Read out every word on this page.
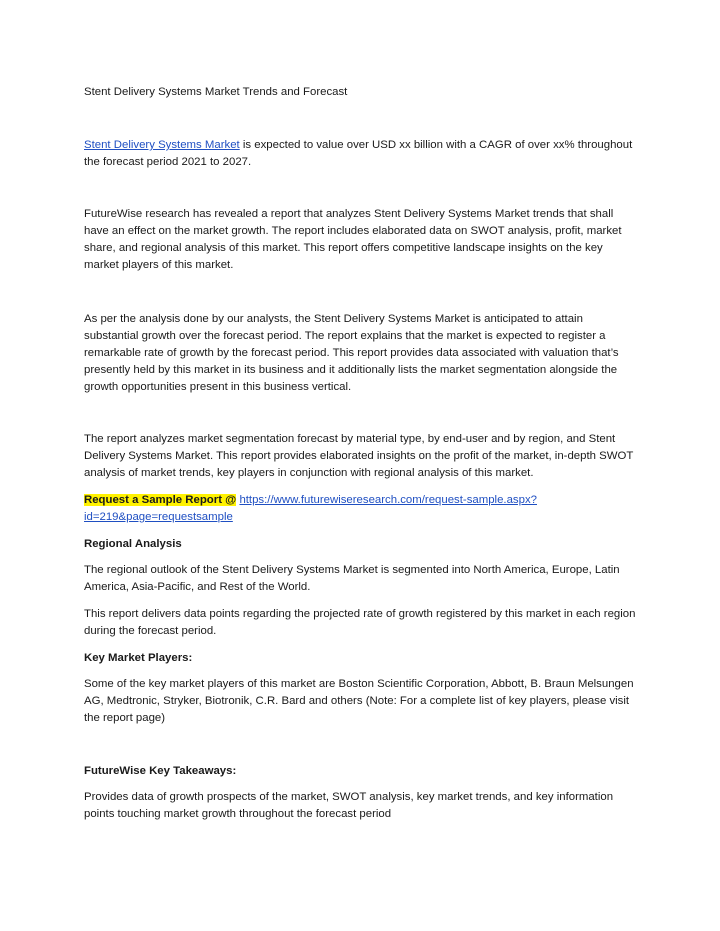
Stent Delivery Systems Market Trends and Forecast

Stent Delivery Systems Market is expected to value over USD xx billion with a CAGR of over xx% throughout the forecast period 2021 to 2027.

FutureWise research has revealed a report that analyzes Stent Delivery Systems Market trends that shall have an effect on the market growth. The report includes elaborated data on SWOT analysis, profit, market share, and regional analysis of this market. This report offers competitive landscape insights on the key market players of this market.

As per the analysis done by our analysts, the Stent Delivery Systems Market is anticipated to attain substantial growth over the forecast period. The report explains that the market is expected to register a remarkable rate of growth by the forecast period. This report provides data associated with valuation that’s presently held by this market in its business and it additionally lists the market segmentation alongside the growth opportunities present in this business vertical.

The report analyzes market segmentation forecast by material type, by end-user and by region, and Stent Delivery Systems Market. This report provides elaborated insights on the profit of the market, in-depth SWOT analysis of market trends, key players in conjunction with regional analysis of this market.

Request a Sample Report @ https://www.futurewiseresearch.com/request-sample.aspx?id=219&page=requestsample

Regional Analysis

The regional outlook of the Stent Delivery Systems Market is segmented into North America, Europe, Latin America, Asia-Pacific, and Rest of the World.

This report delivers data points regarding the projected rate of growth registered by this market in each region during the forecast period.

Key Market Players:

Some of the key market players of this market are Boston Scientific Corporation, Abbott, B. Braun Melsungen AG, Medtronic, Stryker, Biotronik, C.R. Bard and others (Note: For a complete list of key players, please visit the report page)

FutureWise Key Takeaways:

Provides data of growth prospects of the market, SWOT analysis, key market trends, and key information points touching market growth throughout the forecast period
